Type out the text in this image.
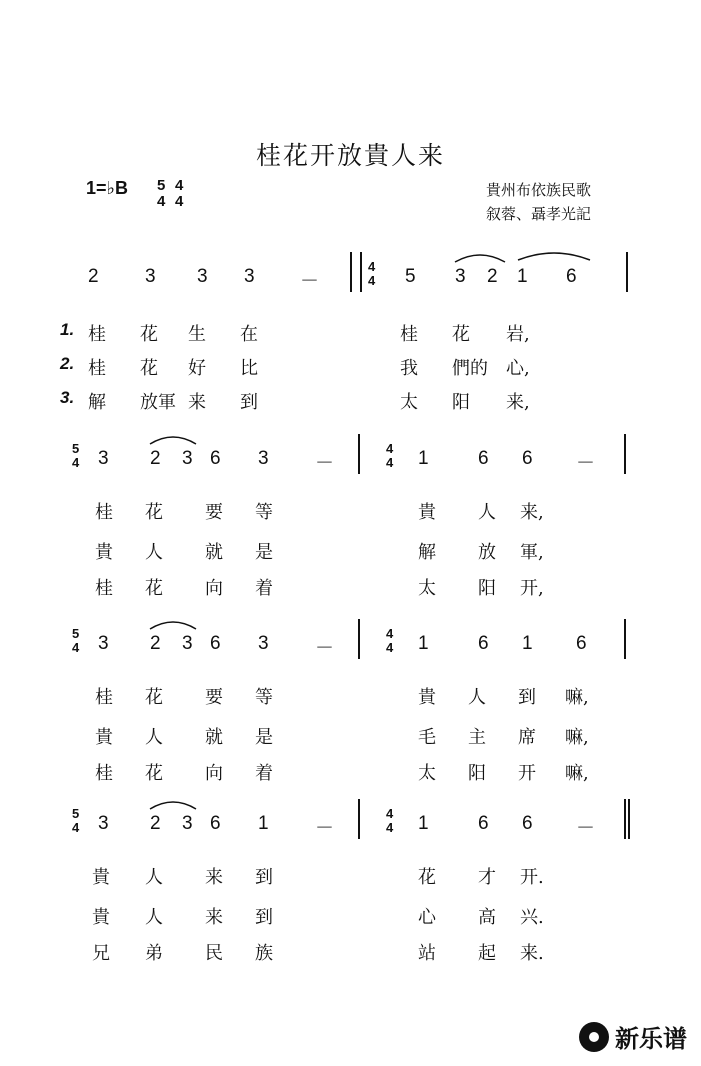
桂花开放貴人来
1=♭B 5
4
4
4
貴州布依族民歌
叙蓉、聶孝光記
4
4
2 3 3 3 －	5 3 2 1 6
1. 桂 花 生 在	桂 花 岩,
2. 桂 花 好 比	我 們的 心,
3. 解 放軍 来 到	太 阳 来,
5
4
4
4
3 2 3 6 3 －	1	6 6 －
桂 花 要 等	貴 人 来,
貴 人 就 是	解 放 軍,
桂 花 向 着	太 阳 开,
5
4
4
4
3 2 3 6 3 －	1	6 1 6
桂 花 要 等	貴 人 到 嘛,
貴 人 就 是	毛 主 席 嘛,
桂 花 向 着	太 阳 开 嘛,
5
4
4
4
3 2 3 6 1 －	1	6 6 －
貴 人 来 到	花 才 开.
貴 人 来 到	心 高 兴.
兄 弟 民 族	站 起 来.
新乐谱
